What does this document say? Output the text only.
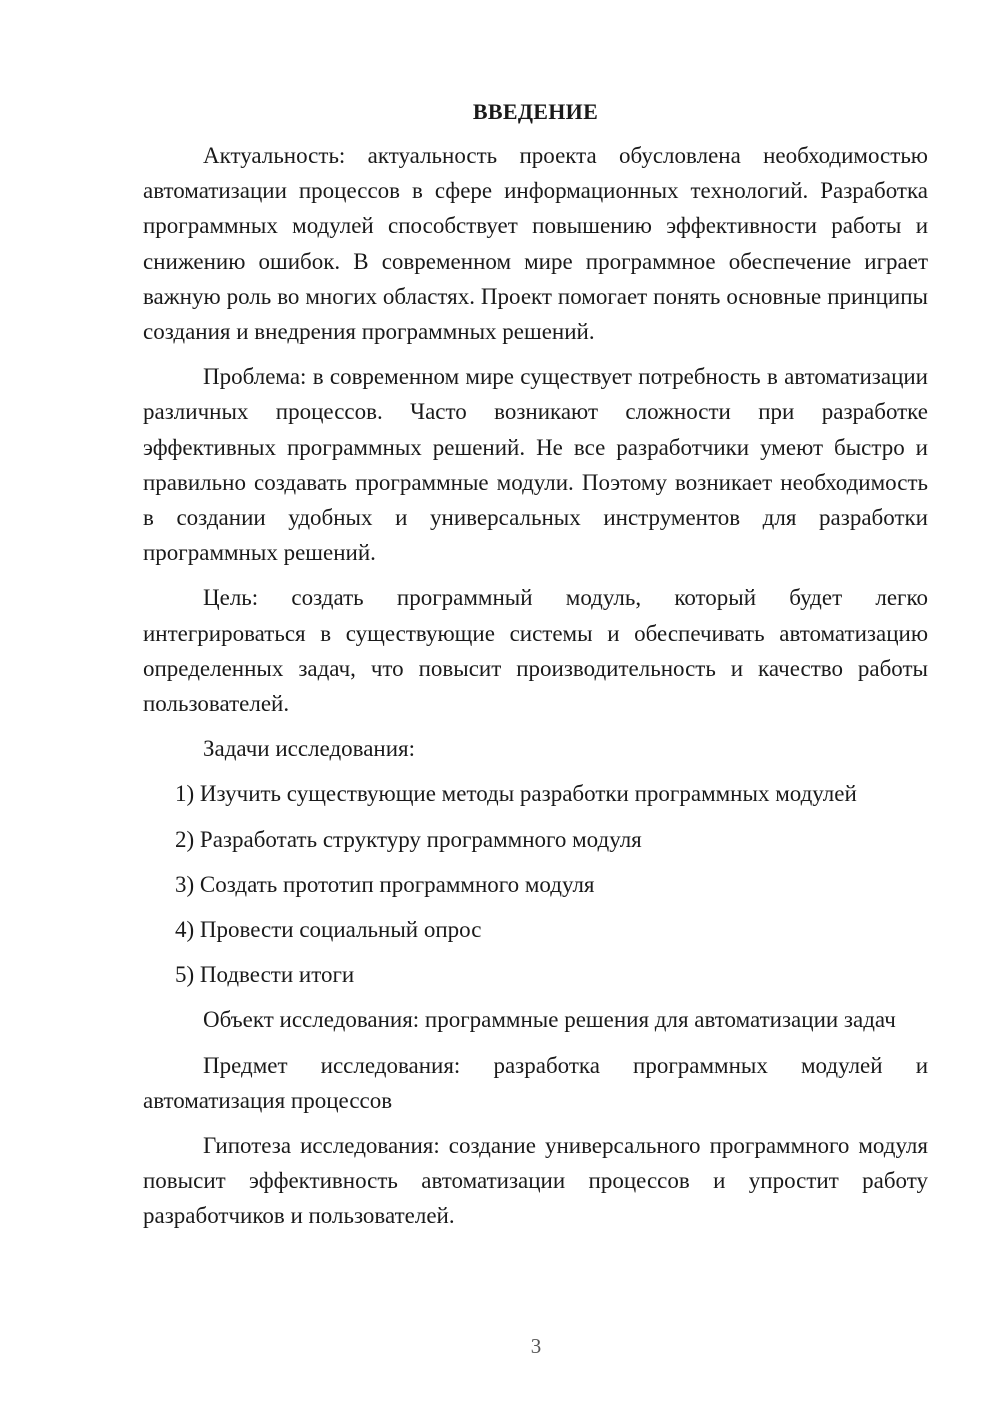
ВВЕДЕНИЕ

Актуальность: актуальность проекта обусловлена необходимостью автоматизации процессов в сфере информационных технологий. Разработка программных модулей способствует повышению эффективности работы и снижению ошибок. В современном мире программное обеспечение играет важную роль во многих областях. Проект помогает понять основные принципы создания и внедрения программных решений.

Проблема: в современном мире существует потребность в автоматизации различных процессов. Часто возникают сложности при разработке эффективных программных решений. Не все разработчики умеют быстро и правильно создавать программные модули. Поэтому возникает необходимость в создании удобных и универсальных инструментов для разработки программных решений.

Цель: создать программный модуль, который будет легко интегрироваться в существующие системы и обеспечивать автоматизацию определенных задач, что повысит производительность и качество работы пользователей.

Задачи исследования:
1) Изучить существующие методы разработки программных модулей
2) Разработать структуру программного модуля
3) Создать прототип программного модуля
4) Провести социальный опрос
5) Подвести итоги

Объект исследования: программные решения для автоматизации задач

Предмет исследования: разработка программных модулей и автоматизация процессов

Гипотеза исследования: создание универсального программного модуля повысит эффективность автоматизации процессов и упростит работу разработчиков и пользователей.

3
